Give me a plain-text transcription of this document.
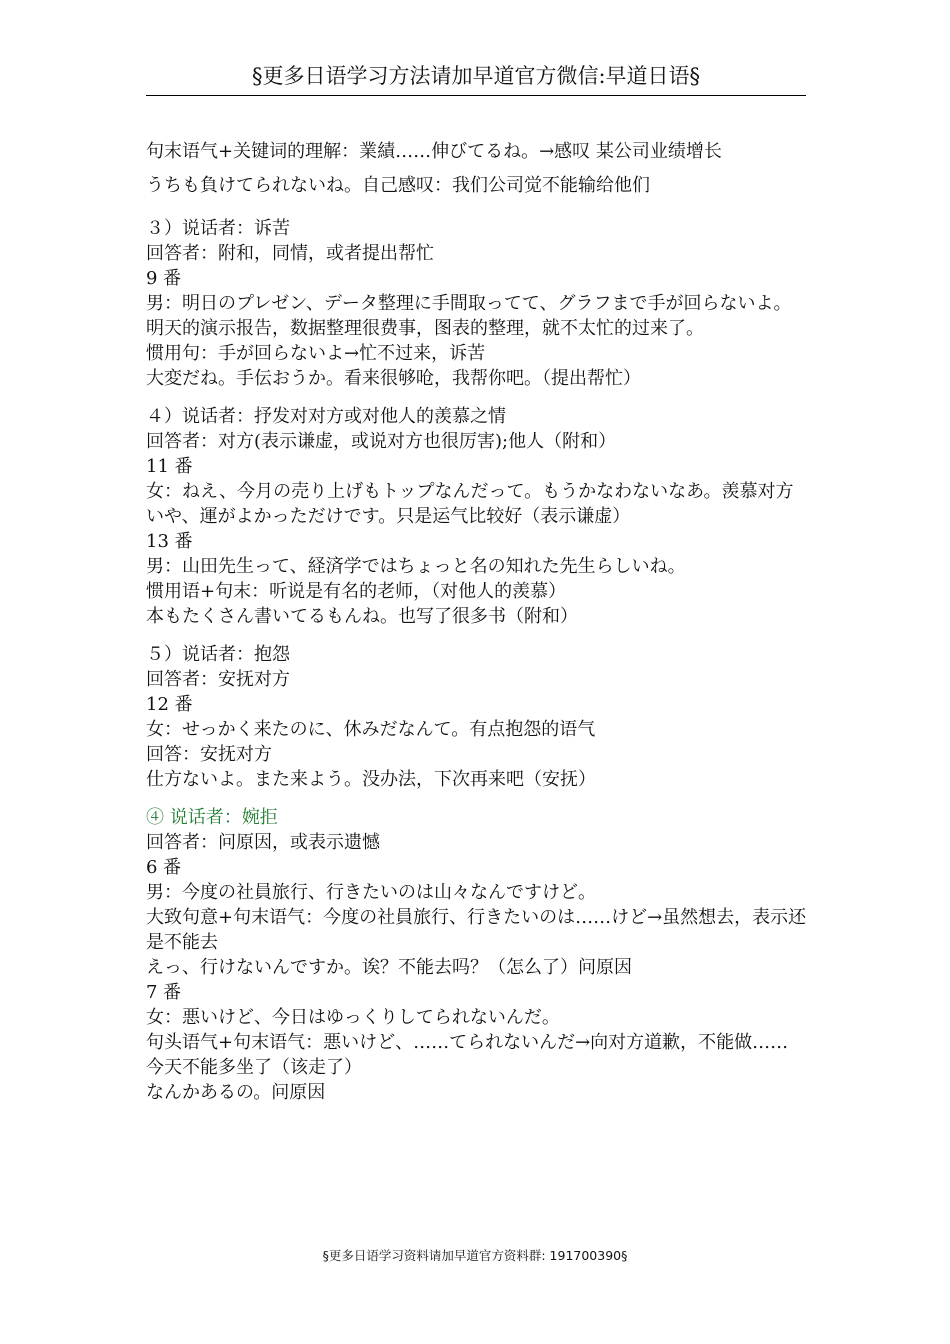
§更多日语学习方法请加早道官方微信:早道日语§
句末语气+关键词的理解：業績……伸びてるね。→感叹 某公司业绩增长
うちも負けてられないね。自己感叹：我们公司觉不能输给他们
３）说话者：诉苦
回答者：附和，同情，或者提出帮忙
9 番
男：明日のプレゼン、データ整理に手間取ってて、グラフまで手が回らないよ。
明天的演示报告，数据整理很费事，图表的整理，就不太忙的过来了。
惯用句：手が回らないよ→忙不过来，诉苦
大変だね。手伝おうか。看来很够呛，我帮你吧。（提出帮忙）
４）说话者：抒发对对方或对他人的羡慕之情
回答者：对方(表示谦虚，或说对方也很厉害);他人（附和）
11 番
女：ねえ、今月の売り上げもトップなんだって。もうかなわないなあ。羡慕对方
いや、運がよかっただけです。只是运气比较好（表示谦虚）
13 番
男：山田先生って、経済学ではちょっと名の知れた先生らしいね。
惯用语+句末：听说是有名的老师，（对他人的羡慕）
本もたくさん書いてるもんね。也写了很多书（附和）
５）说话者：抱怨
回答者：安抚对方
12 番
女：せっかく来たのに、休みだなんて。有点抱怨的语气
回答：安抚对方
仕方ないよ。また来よう。没办法，下次再来吧（安抚）
④ 说话者：婉拒
回答者：问原因，或表示遗憾
6 番
男：今度の社員旅行、行きたいのは山々なんですけど。
大致句意+句末语气：今度の社員旅行、行きたいのは……けど→虽然想去，表示还是不能去
えっ、行けないんですか。诶？不能去吗？（怎么了）问原因
7 番
女：悪いけど、今日はゆっくりしてられないんだ。
句头语气+句末语气：悪いけど、……てられないんだ→向对方道歉，不能做……
今天不能多坐了（该走了）
なんかあるの。问原因
§更多日语学习资料请加早道官方资料群: 191700390§
